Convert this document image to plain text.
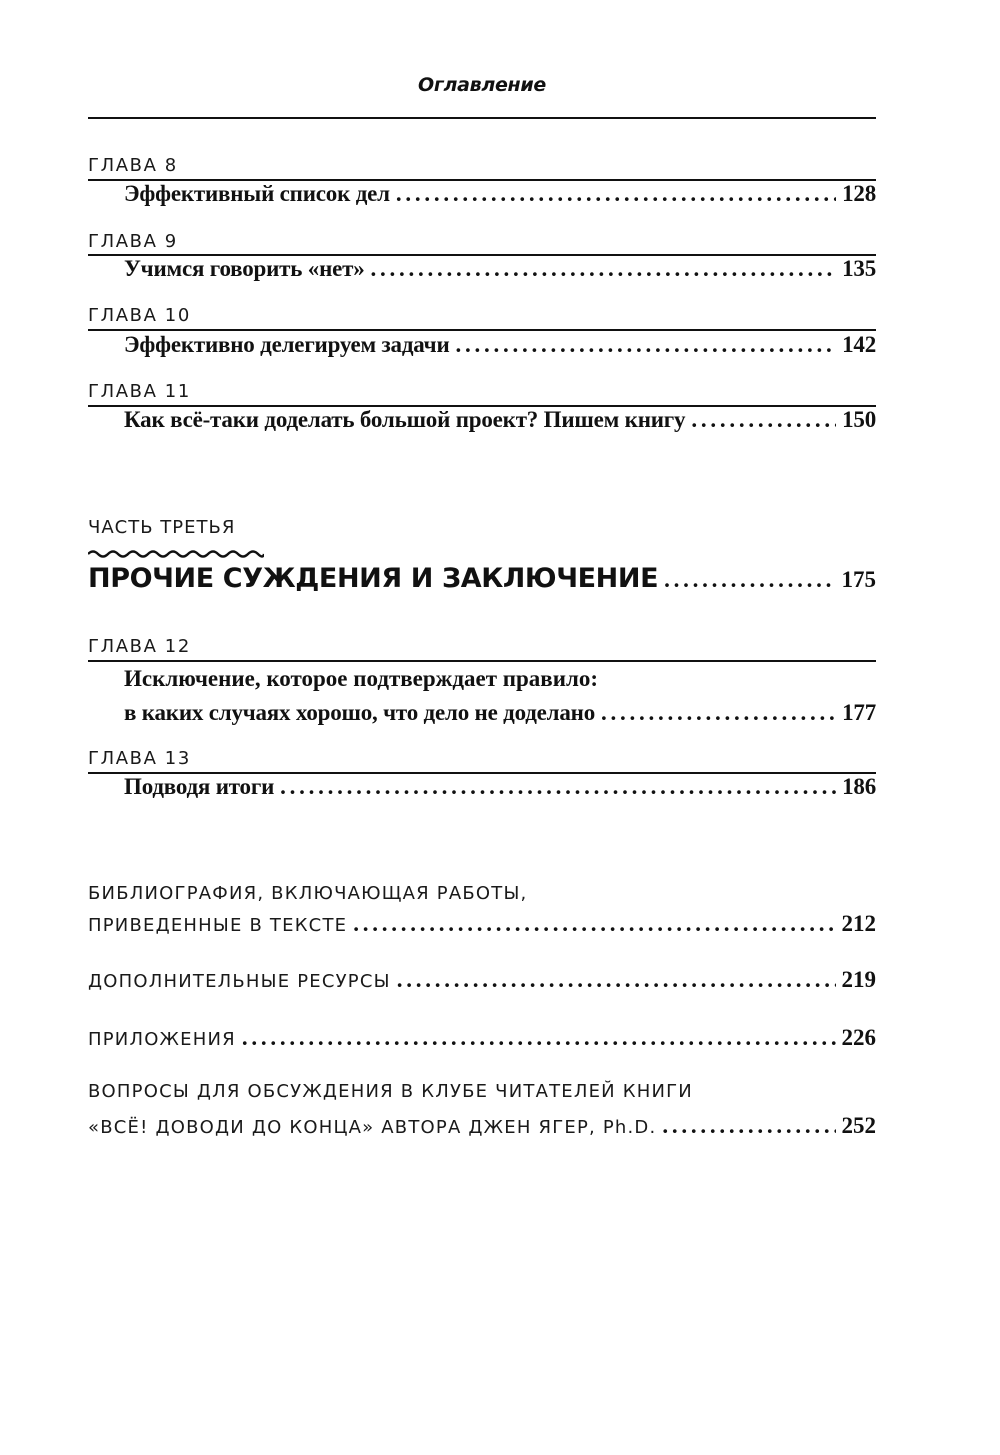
Оглавление
ГЛАВА 8
Эффективный список дел . . .	128
ГЛАВА 9
Учимся говорить «нет» . . .	135
ГЛАВА 10
Эффективно делегируем задачи . . .	142
ГЛАВА 11
Как всё-таки доделать большой проект? Пишем книгу . . .	150
ЧАСТЬ ТРЕТЬЯ
ПРОЧИЕ СУЖДЕНИЯ И ЗАКЛЮЧЕНИЕ . . .	175
ГЛАВА 12
Исключение, которое подтверждает правило:
в каких случаях хорошо, что дело не доделано . . .	177
ГЛАВА 13
Подводя итоги . . .	186
БИБЛИОГРАФИЯ, ВКЛЮЧАЮЩАЯ РАБОТЫ,
ПРИВЕДЕННЫЕ В ТЕКСТЕ . . .	212
ДОПОЛНИТЕЛЬНЫЕ РЕСУРСЫ . . .	219
ПРИЛОЖЕНИЯ . . .	226
ВОПРОСЫ ДЛЯ ОБСУЖДЕНИЯ В КЛУБЕ ЧИТАТЕЛЕЙ КНИГИ
«ВСЁ! ДОВОДИ ДО КОНЦА» АВТОРА ДЖЕН ЯГЕР, Ph.D. . . .	252
